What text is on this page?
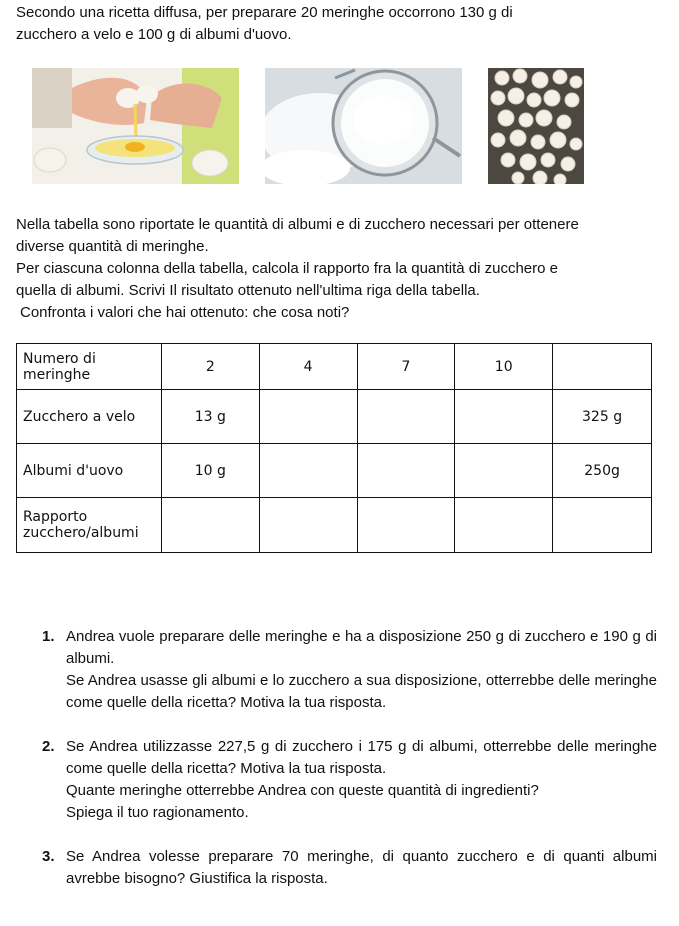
Secondo una ricetta diffusa, per preparare 20 meringhe occorrono 130 g di

zucchero a velo e 100 g di albumi d'uovo.

Nella tabella sono riportate le quantità di albumi e di zucchero necessari per ottenere

diverse quantità di meringhe.

Per ciascuna colonna della tabella, calcola il rapporto fra la quantità di zucchero e

quella di albumi. Scrivi Il risultato ottenuto nell'ultima riga della tabella.

Confronta i valori che hai ottenuto: che cosa noti?

Numero di meringhe	2	4	7	10	
Zucchero a velo	13 g				325 g
Albumi d'uovo	10 g				250g
Rapporto zucchero/albumi					
1. Andrea vuole preparare delle meringhe e ha a disposizione 250 g di zucchero e 190 g di albumi.

Se Andrea usasse gli albumi e lo zucchero a sua disposizione, otterrebbe delle meringhe come quelle della ricetta? Motiva la tua risposta.

2. Se Andrea utilizzasse 227,5 g di zucchero i 175 g di albumi, otterrebbe delle meringhe come quelle della ricetta? Motiva la tua risposta.

Quante meringhe otterrebbe Andrea con queste quantità di ingredienti?

Spiega il tuo ragionamento.

3. Se Andrea volesse preparare 70 meringhe, di quanto zucchero e di quanti albumi avrebbe bisogno? Giustifica la risposta.
